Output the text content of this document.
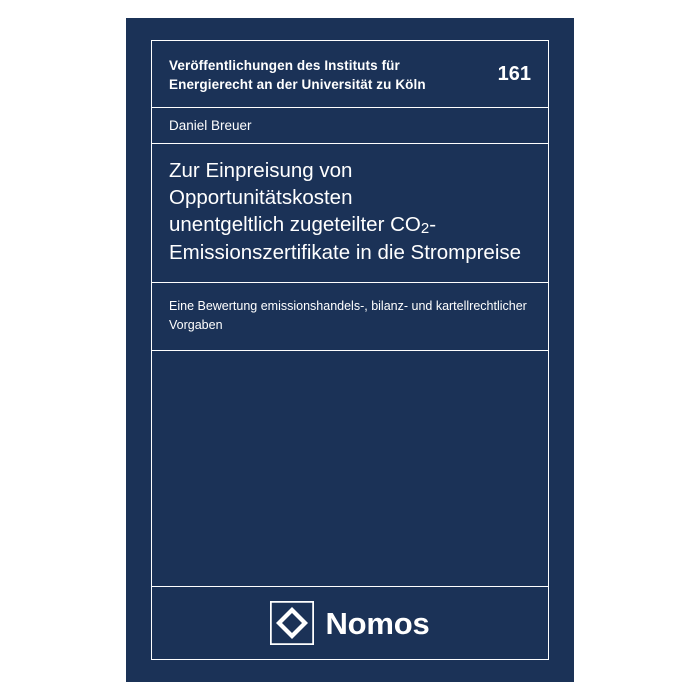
Veröffentlichungen des Instituts für Energierecht an der Universität zu Köln	161
Daniel Breuer
Zur Einpreisung von Opportunitätskosten
unentgeltlich zugeteilter CO2-
Emissionszertifikate in die Strompreise
Eine Bewertung emissionshandels-, bilanz- und kartellrechtlicher Vorgaben
Nomos
